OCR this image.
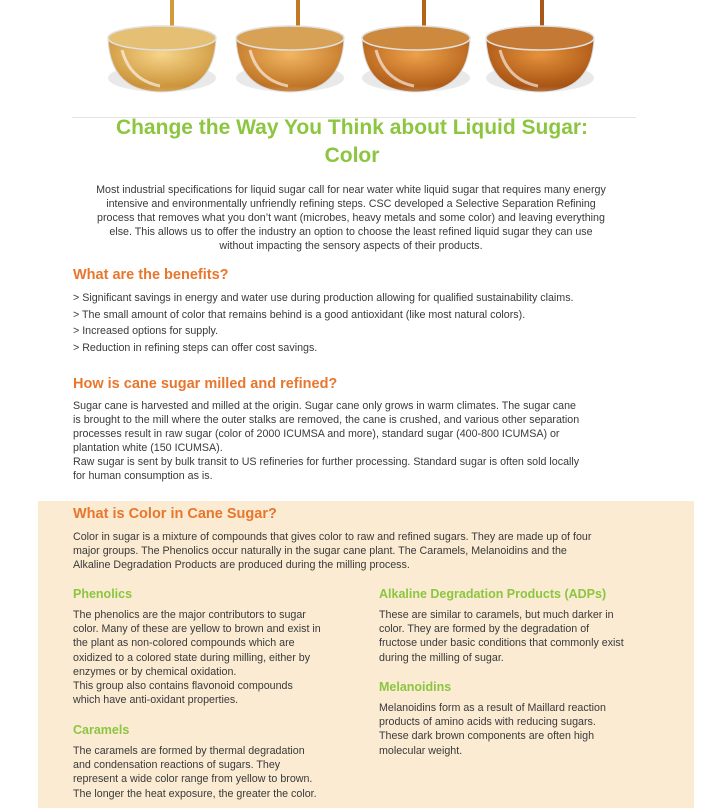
Change the Way You Think about Liquid Sugar:
Color

Most industrial specifications for liquid sugar call for near water white liquid sugar that requires many energy
intensive and environmentally unfriendly refining steps. CSC developed a Selective Separation Refining
process that removes what you don’t want (microbes, heavy metals and some color) and leaving everything
else. This allows us to offer the industry an option to choose the least refined liquid sugar they can use
without impacting the sensory aspects of their products.

What are the benefits?
> Significant savings in energy and water use during production allowing for qualified sustainability claims.
> The small amount of color that remains behind is a good antioxidant (like most natural colors).
> Increased options for supply.
> Reduction in refining steps can offer cost savings.
How is cane sugar milled and refined?

Sugar cane is harvested and milled at the origin. Sugar cane only grows in warm climates. The sugar cane
is brought to the mill where the outer stalks are removed, the cane is crushed, and various other separation
processes result in raw sugar (color of 2000 ICUMSA and more), standard sugar (400-800 ICUMSA) or
plantation white (150 ICUMSA).
Raw sugar is sent by bulk transit to US refineries for further processing. Standard sugar is often sold locally
for human consumption as is.

What is Color in Cane Sugar?

Color in sugar is a mixture of compounds that gives color to raw and refined sugars. They are made up of four
major groups. The Phenolics occur naturally in the sugar cane plant. The Caramels, Melanoidins and the
Alkaline Degradation Products are produced during the milling process.

Phenolics

The phenolics are the major contributors to sugar
color. Many of these are yellow to brown and exist in
the plant as non-colored compounds which are
oxidized to a colored state during milling, either by
enzymes or by chemical oxidation.
This group also contains flavonoid compounds
which have anti-oxidant properties.

Caramels

The caramels are formed by thermal degradation
and condensation reactions of sugars. They
represent a wide color range from yellow to brown.
The longer the heat exposure, the greater the color.

Alkaline Degradation Products (ADPs)

These are similar to caramels, but much darker in
color. They are formed by the degradation of
fructose under basic conditions that commonly exist
during the milling of sugar.

Melanoidins

Melanoidins form as a result of Maillard reaction
products of amino acids with reducing sugars.
These dark brown components are often high
molecular weight.
